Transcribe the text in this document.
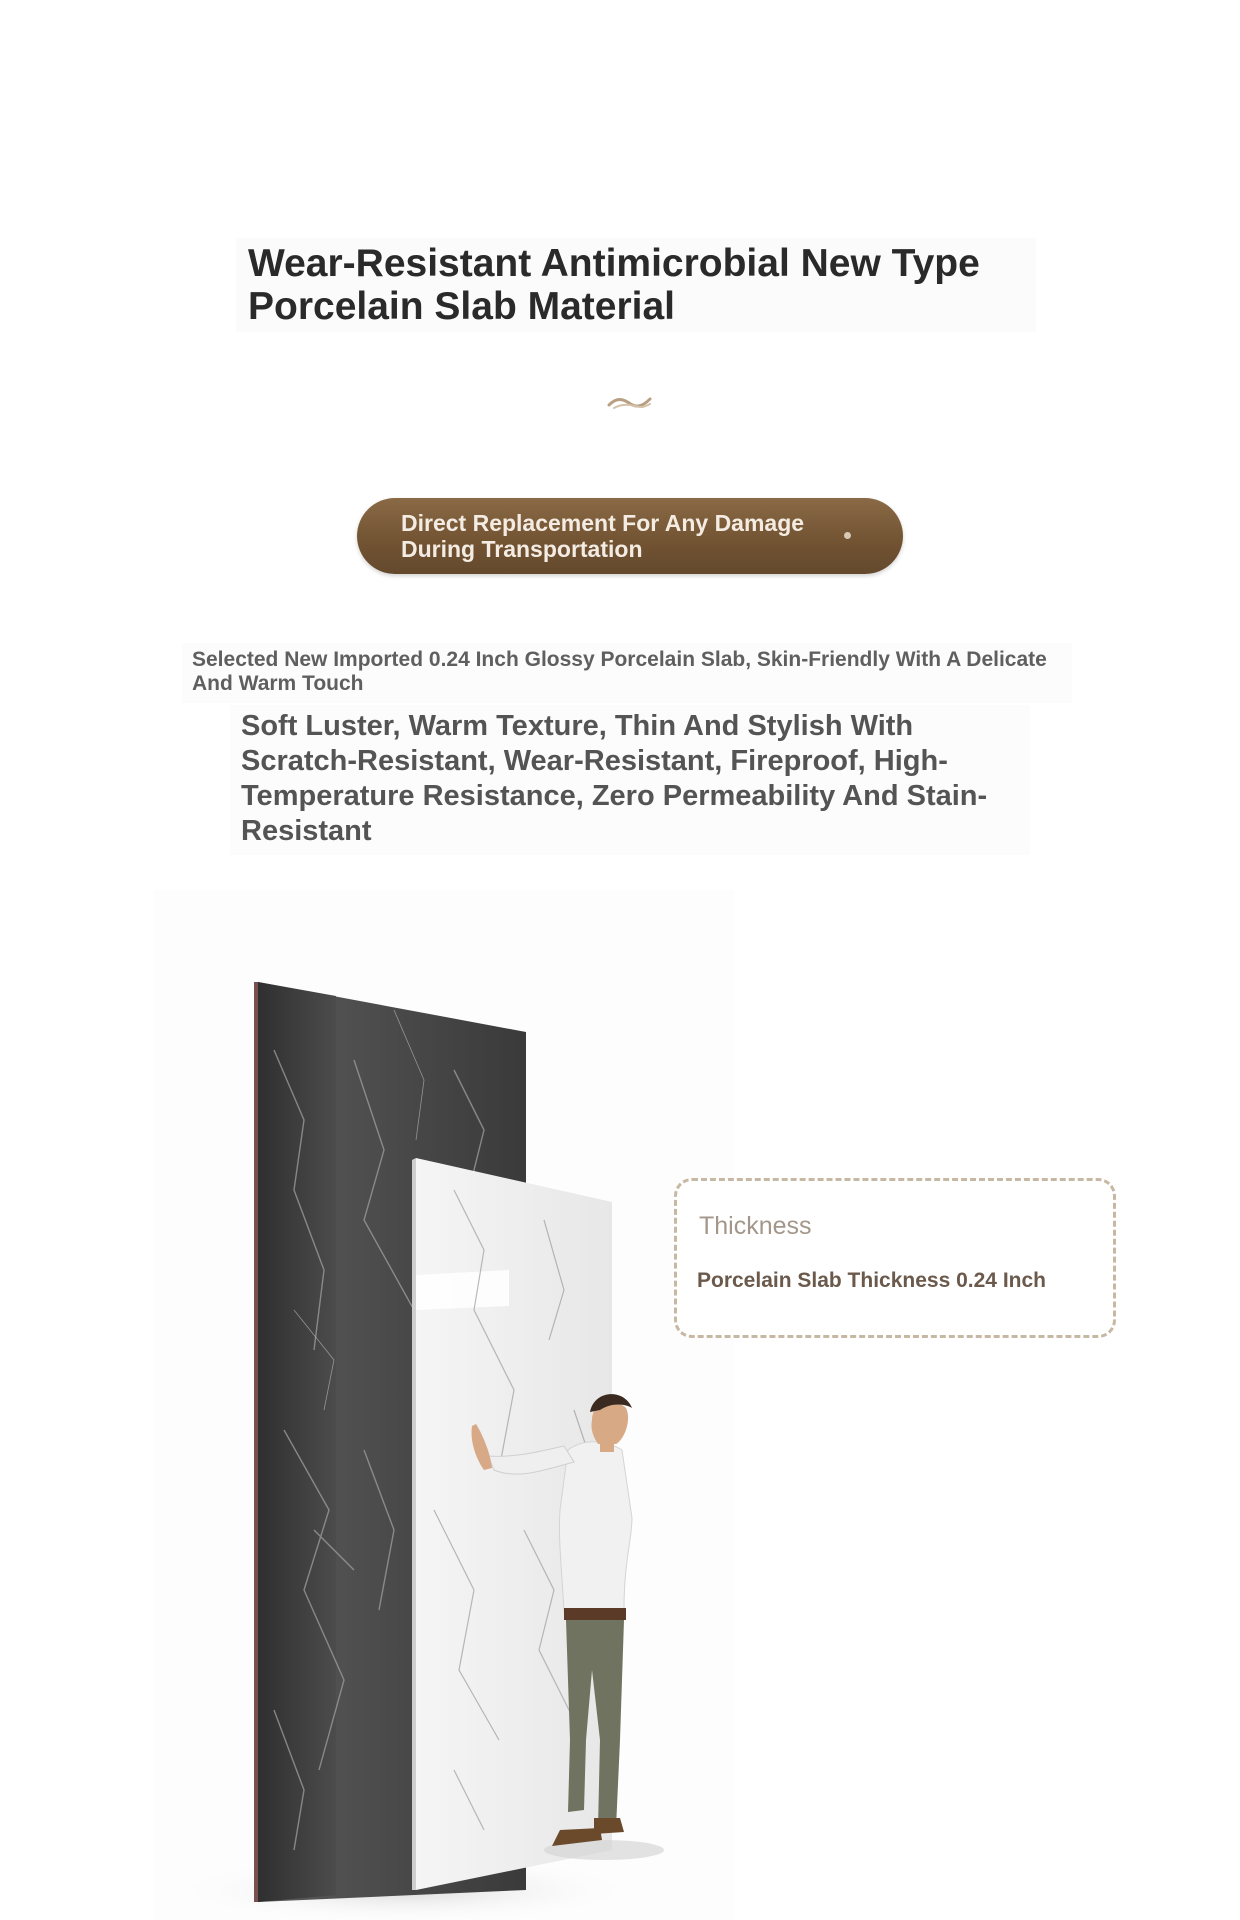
Wear-Resistant Antimicrobial New Type Porcelain Slab Material
Direct Replacement For Any Damage During Transportation
Selected New Imported 0.24 Inch Glossy Porcelain Slab, Skin-Friendly With A Delicate And Warm Touch
Soft Luster, Warm Texture, Thin And Stylish With Scratch-Resistant, Wear-Resistant, Fireproof, High-Temperature Resistance, Zero Permeability And Stain-Resistant
Thickness
Porcelain Slab Thickness 0.24 Inch
